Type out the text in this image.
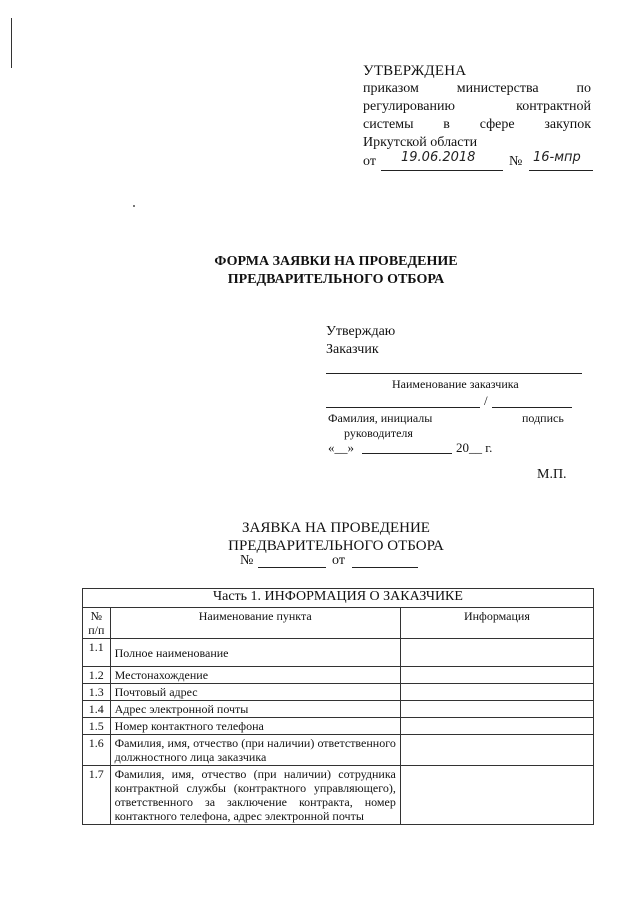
УТВЕРЖДЕНА
приказом министерства по
регулированию контрактной
системы в сфере закупок
Иркутской области
от 19.06.2018 № 16-мпр
ФОРМА ЗАЯВКИ НА ПРОВЕДЕНИЕ
ПРЕДВАРИТЕЛЬНОГО ОТБОРА
Утверждаю
Заказчик
Наименование заказчика
/
Фамилия, инициалы	подпись
руководителя
«__»	20__ г.
М.П.
ЗАЯВКА НА ПРОВЕДЕНИЕ
ПРЕДВАРИТЕЛЬНОГО ОТБОРА
№	от
Часть 1. ИНФОРМАЦИЯ О ЗАКАЗЧИКЕ		
№ п/п	Наименование пункта	Информация
1.1	Полное наименование	
1.2	Местонахождение	
1.3	Почтовый адрес	
1.4	Адрес электронной почты	
1.5	Номер контактного телефона	
1.6	Фамилия, имя, отчество (при наличии) ответственного должностного лица заказчика	
1.7	Фамилия, имя, отчество (при наличии) сотрудника контрактной службы (контрактного управляющего), ответственного за заключение контракта, номер контактного телефона, адрес электронной почты	
